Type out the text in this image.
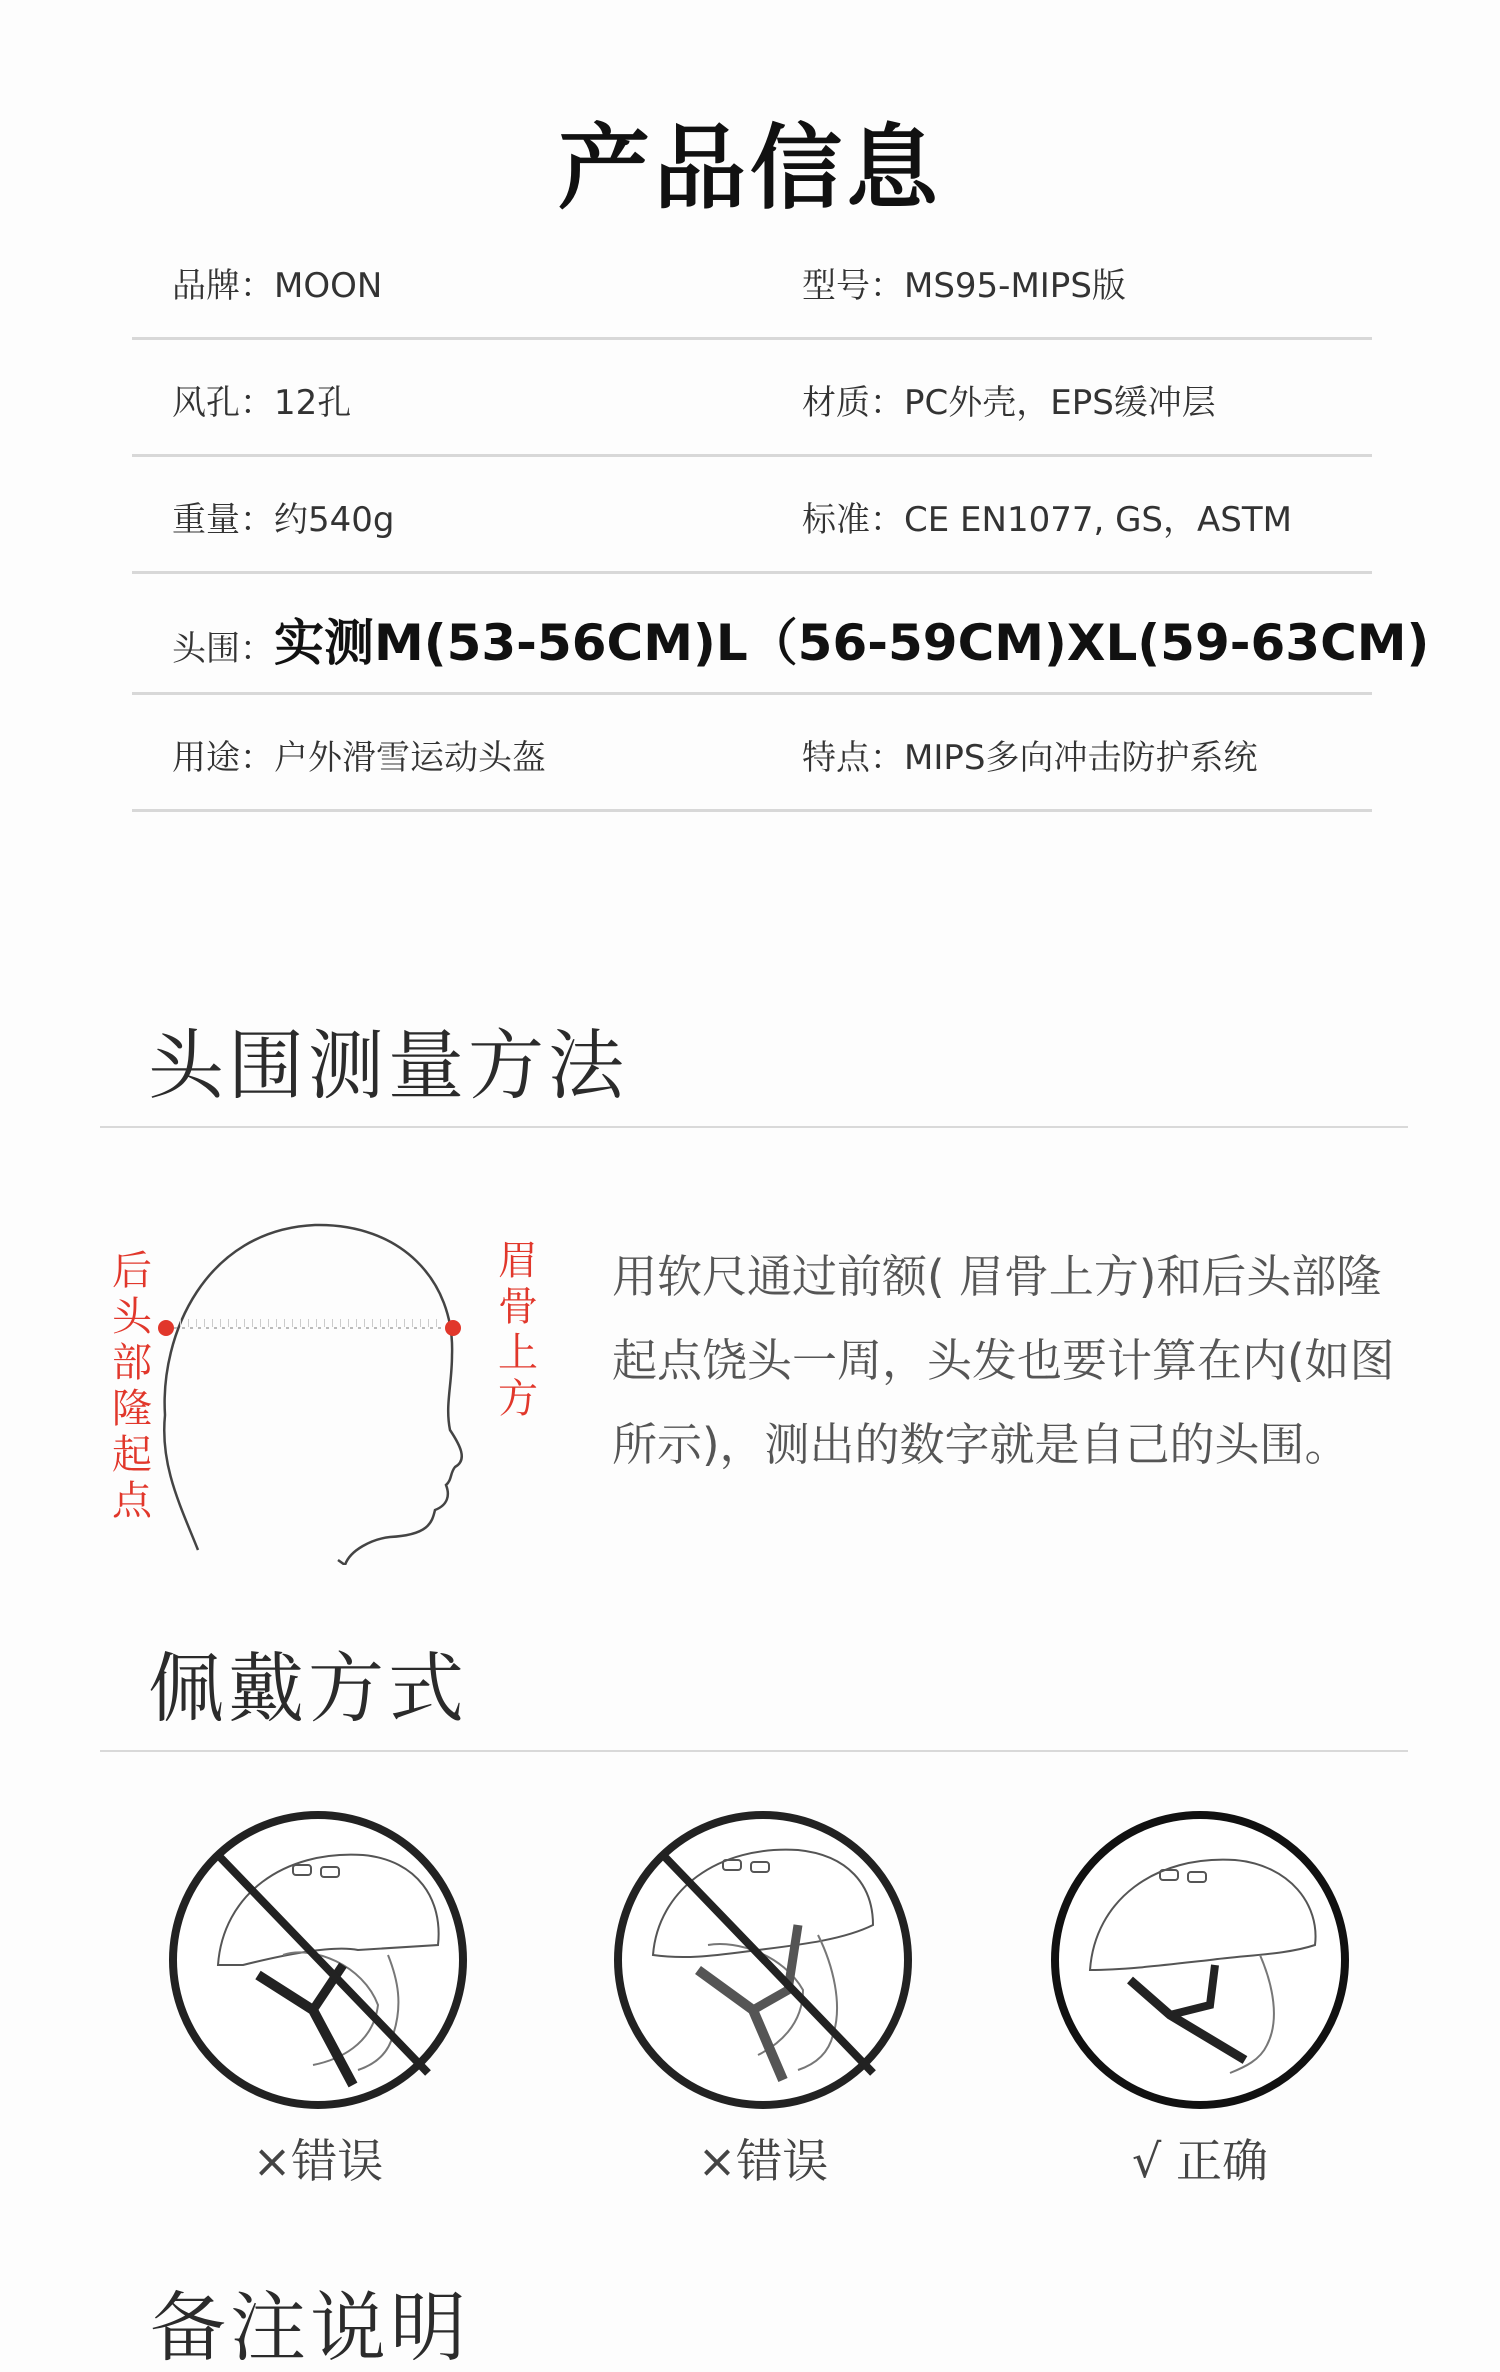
产品信息
品牌：MOON	型号：MS95-MIPS版
风孔：12孔	材质：PC外壳，EPS缓冲层
重量：约540g	标准：CE EN1077, GS，ASTM
头围：实测M(53-56CM)L（56-59CM)XL(59-63CM)
用途：户外滑雪运动头盔	特点：MIPS多向冲击防护系统
头围测量方法
后头部隆起点
眉骨上方
用软尺通过前额( 眉骨上方)和后头部隆起点饶头一周，头发也要计算在内(如图所示)，测出的数字就是自己的头围。
佩戴方式
×错误	×错误	√ 正确
备注说明
